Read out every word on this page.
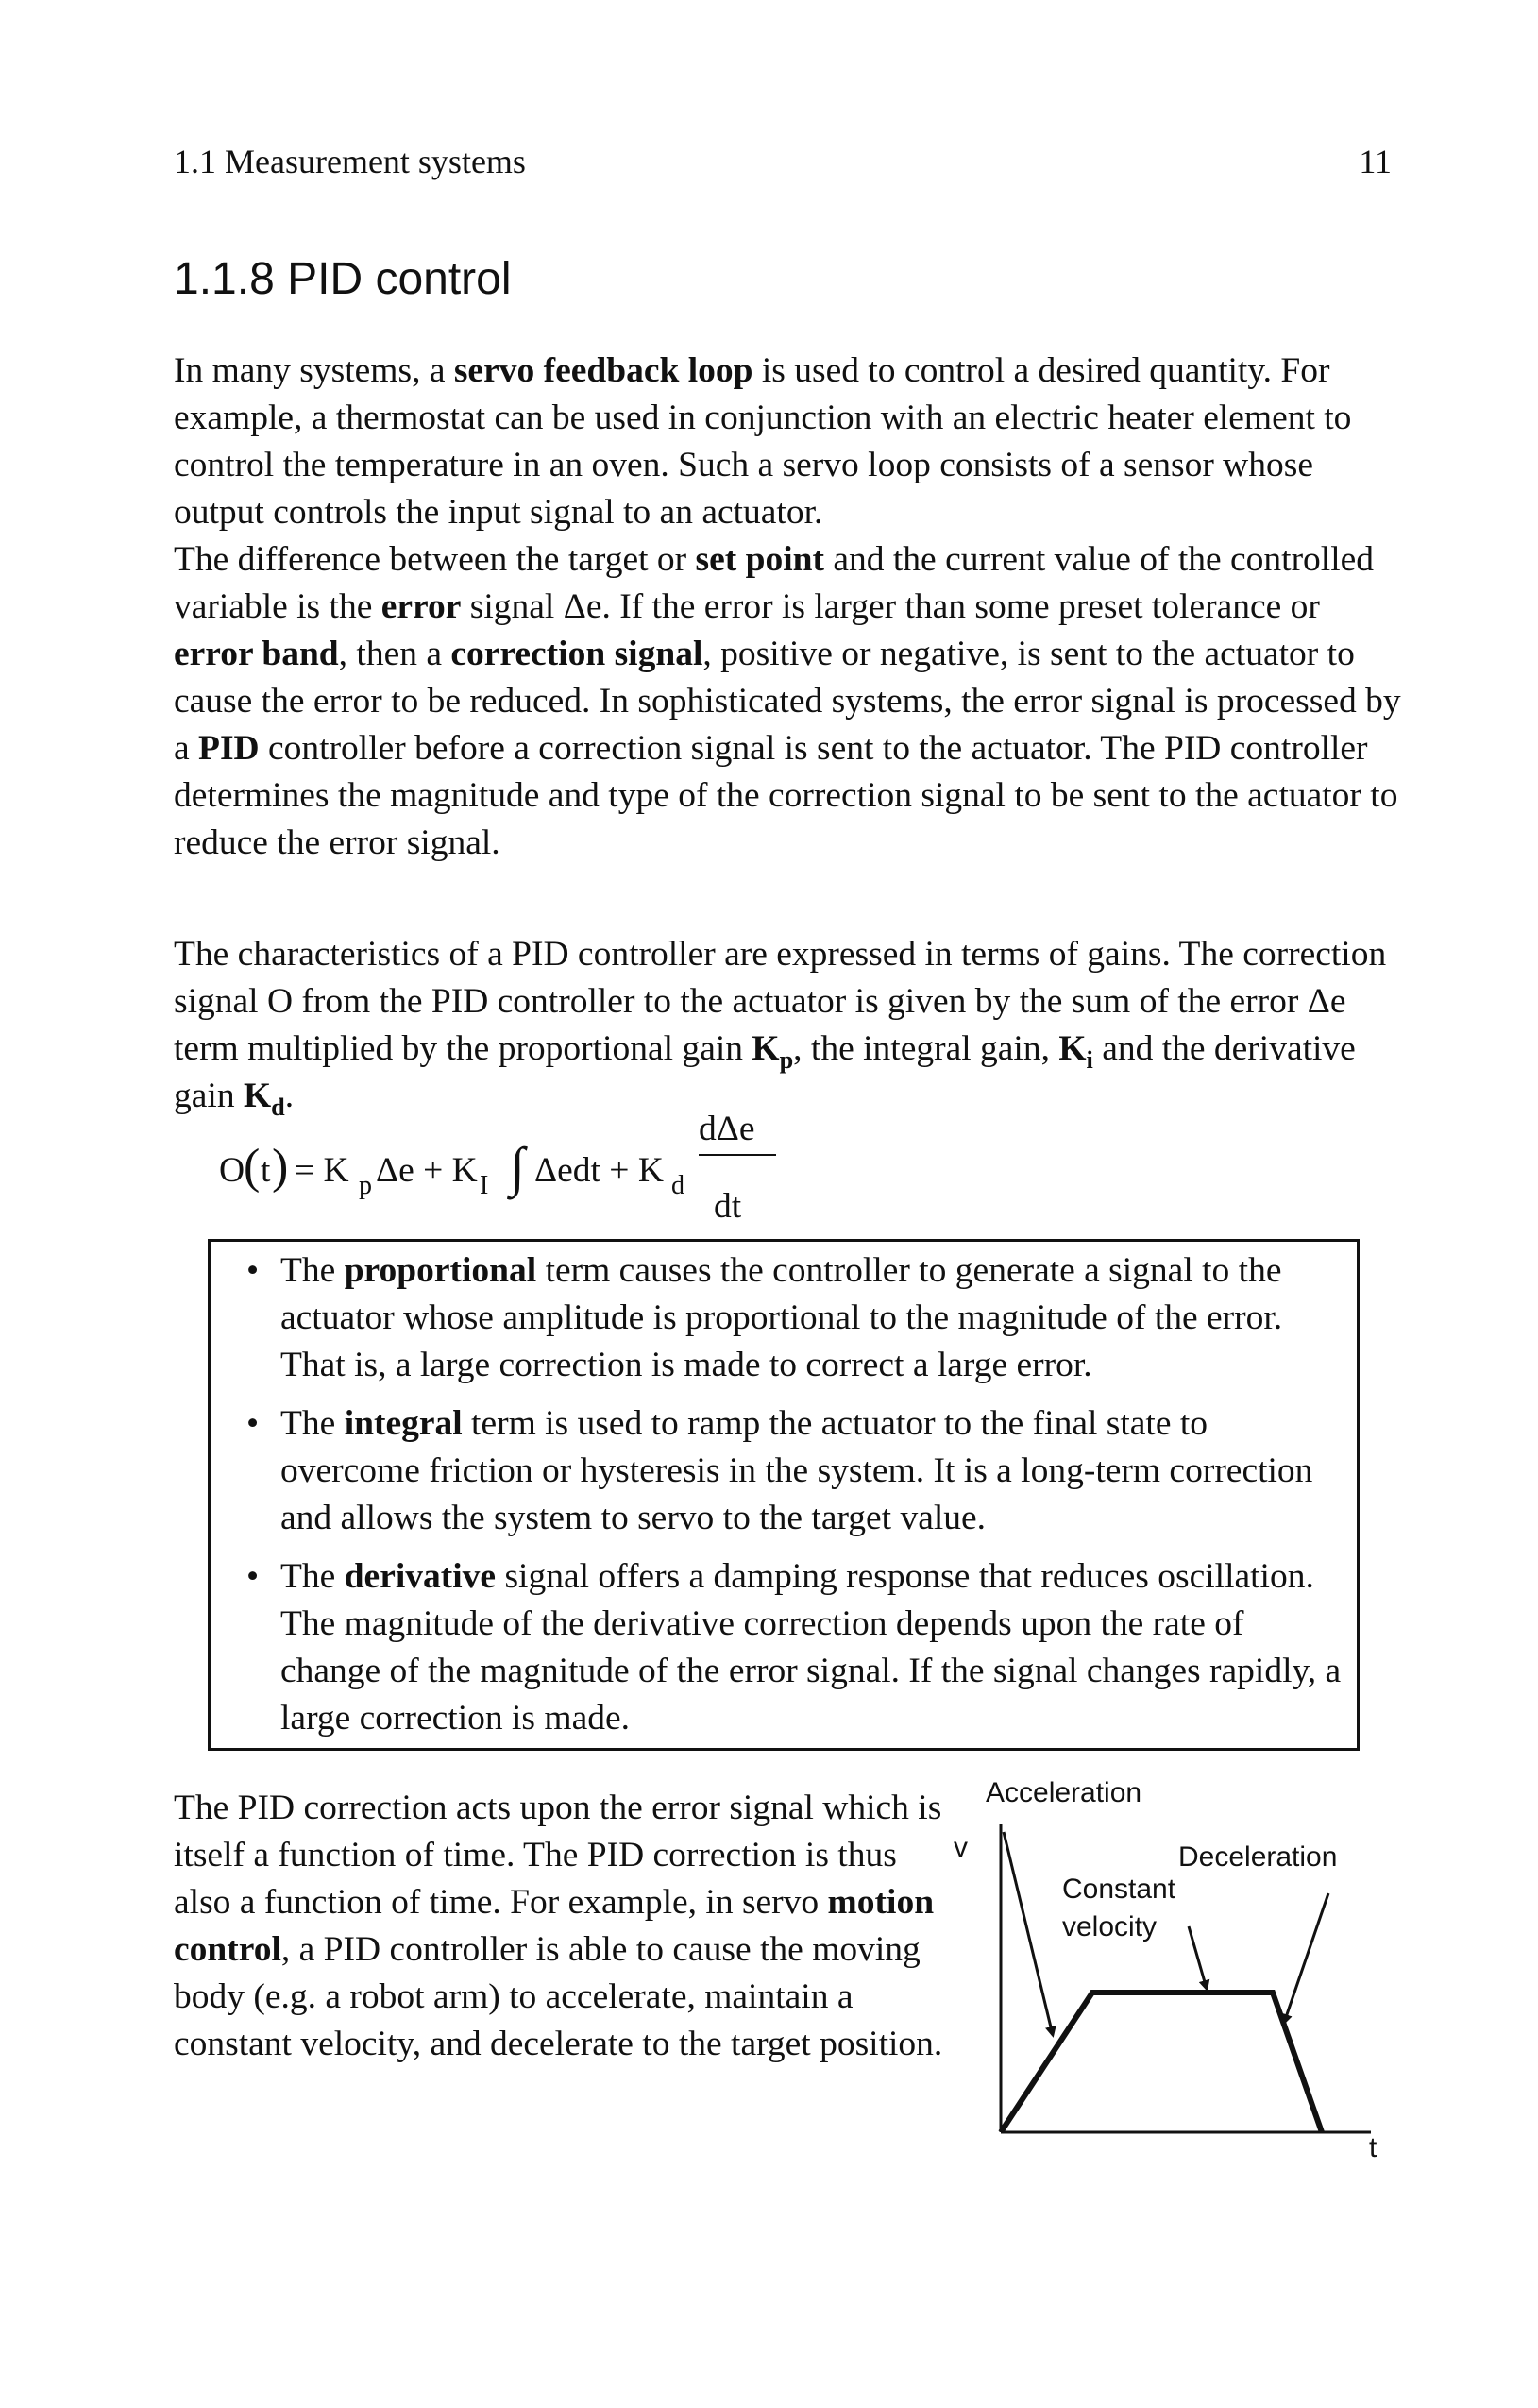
1.1 Measurement systems	11
1.1.8 PID control

In many systems, a servo feedback loop is used to control a desired quantity. For example, a thermostat can be used in conjunction with an electric heater element to control the temperature in an oven. Such a servo loop consists of a sensor whose output controls the input signal to an actuator.

The difference between the target or set point and the current value of the controlled variable is the error signal Δe. If the error is larger than some preset tolerance or error band, then a correction signal, positive or negative, is sent to the actuator to cause the error to be reduced. In sophisticated systems, the error signal is processed by a PID controller before a correction signal is sent to the actuator. The PID controller determines the magnitude and type of the correction signal to be sent to the actuator to reduce the error signal.

The characteristics of a PID controller are expressed in terms of gains. The correction signal O from the PID controller to the actuator is given by the sum of the error Δe term multiplied by the proportional gain $K_p$, the integral gain, $K_i$ and the derivative gain $K_d$.

O
( t ) = K p Δe + K I ∫ Δedt + K d
dΔe
dt

• The proportional term causes the controller to generate a signal to the actuator whose amplitude is proportional to the magnitude of the error. That is, a large correction is made to correct a large error.

• The integral term is used to ramp the actuator to the final state to overcome friction or hysteresis in the system. It is a long-term correction and allows the system to servo to the target value.

• The derivative signal offers a damping response that reduces oscillation. The magnitude of the derivative correction depends upon the rate of change of the magnitude of the error signal. If the signal changes rapidly, a large correction is made.

The PID correction acts upon the error signal which is itself a function of time. The PID correction is thus also a function of time. For example, in servo motion control, a PID controller is able to cause the moving body (e.g. a robot arm) to accelerate, maintain a constant velocity, and decelerate to the target position.
Acceleration
v	Deceleration
Constant
velocity
t
